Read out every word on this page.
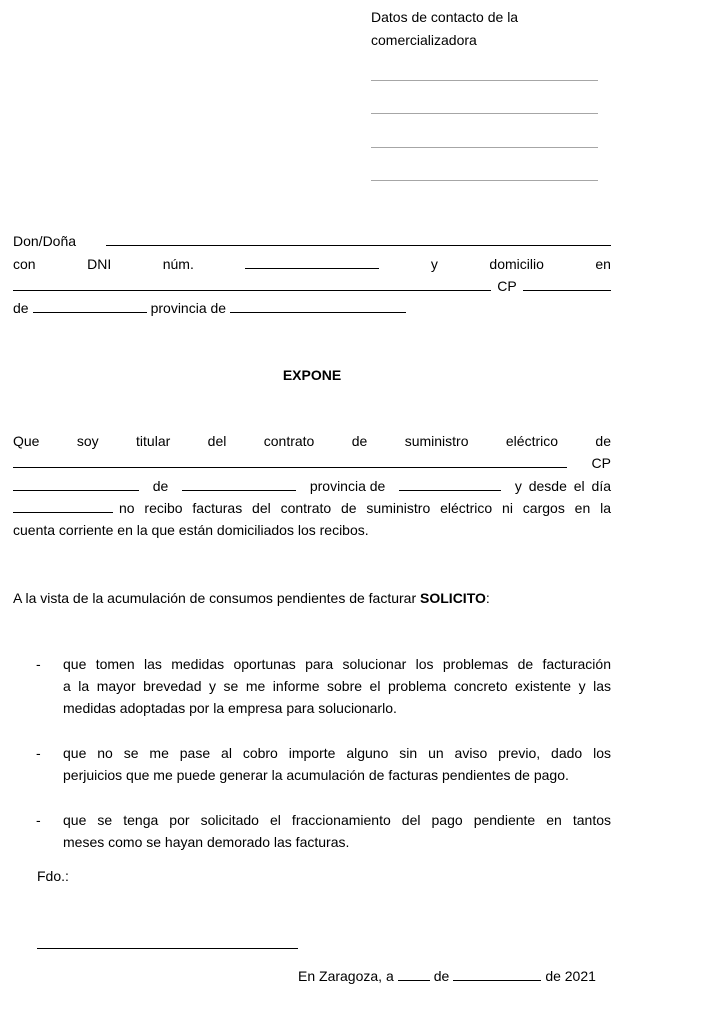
Datos de contacto de la comercializadora
Don/Doña
con	DNI	núm.	y	domicilio	en
CP
de	provincia de
EXPONE
Que	soy	titular	del	contrato	de	suministro	eléctrico	de
CP
de	provincia de	y desde el día
no recibo facturas del contrato de suministro eléctrico ni cargos en la
cuenta corriente en la que están domiciliados los recibos.
A la vista de la acumulación de consumos pendientes de facturar SOLICITO:
- que tomen las medidas oportunas para solucionar los problemas de facturación
a la mayor brevedad y se me informe sobre el problema concreto existente y las
medidas adoptadas por la empresa para solucionarlo.
- que no se me pase al cobro importe alguno sin un aviso previo, dado los
perjuicios que me puede generar la acumulación de facturas pendientes de pago.
- que se tenga por solicitado el fraccionamiento del pago pendiente en tantos
meses como se hayan demorado las facturas.
Fdo.:
En Zaragoza, a	de	de 2021
